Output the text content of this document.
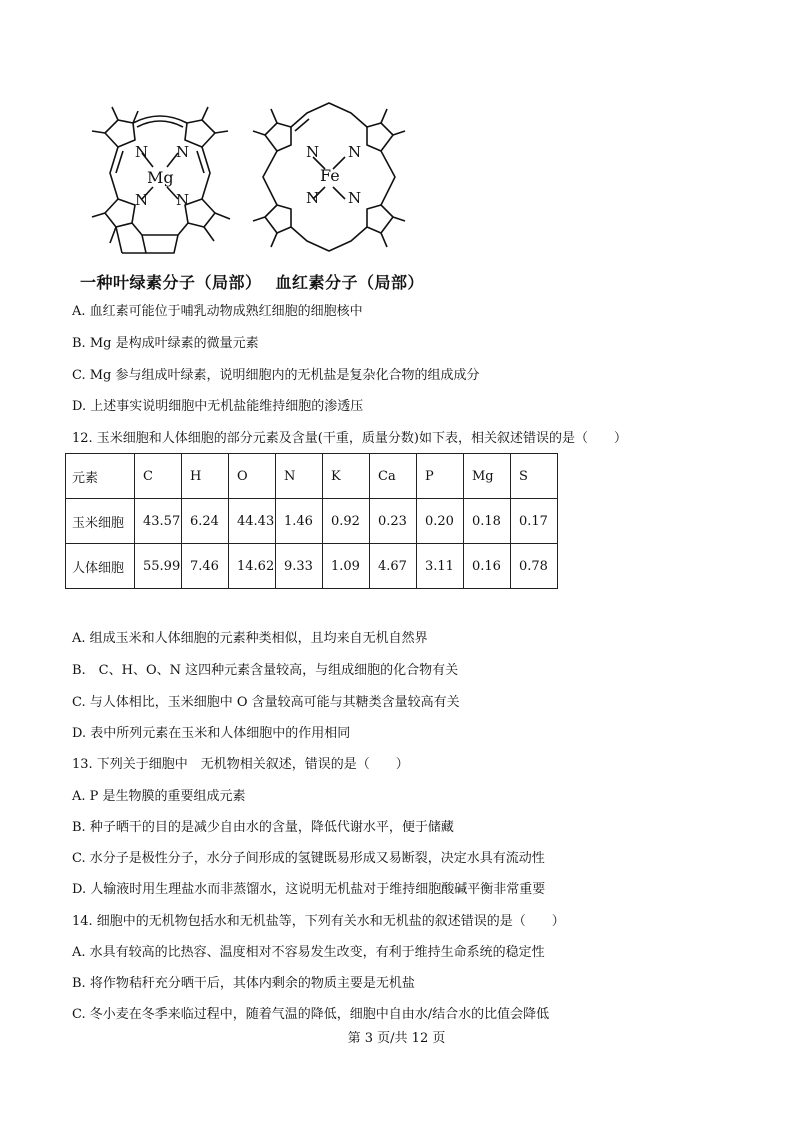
N N
N N
Mg
N N
N N
Fe
一种叶绿素分子（局部） 血红素分子（局部）
A. 血红素可能位于哺乳动物成熟红细胞的细胞核中
B. Mg 是构成叶绿素的微量元素
C. Mg 参与组成叶绿素，说明细胞内的无机盐是复杂化合物的组成成分
D. 上述事实说明细胞中无机盐能维持细胞的渗透压
12. 玉米细胞和人体细胞的部分元素及含量(干重，质量分数)如下表，相关叙述错误的是（　　）
元素	C	H	O	N	K	Ca	P	Mg	S
玉米细胞	43.57	6.24	44.43	1.46	0.92	0.23	0.20	0.18	0.17
人体细胞	55.99	7.46	14.62	9.33	1.09	4.67	3.11	0.16	0.78
A. 组成玉米和人体细胞的元素种类相似，且均来自无机自然界
B.　C、H、O、N 这四种元素含量较高，与组成细胞的化合物有关
C. 与人体相比，玉米细胞中 O 含量较高可能与其糖类含量较高有关
D. 表中所列元素在玉米和人体细胞中的作用相同
13. 下列关于细胞中　无机物相关叙述，错误的是（　　）
A. P 是生物膜的重要组成元素
B. 种子晒干的目的是减少自由水的含量，降低代谢水平，便于储藏
C. 水分子是极性分子，水分子间形成的氢键既易形成又易断裂，决定水具有流动性
D. 人输液时用生理盐水而非蒸馏水，这说明无机盐对于维持细胞酸碱平衡非常重要
14. 细胞中的无机物包括水和无机盐等，下列有关水和无机盐的叙述错误的是（　　）
A. 水具有较高的比热容、温度相对不容易发生改变，有利于维持生命系统的稳定性
B. 将作物秸秆充分晒干后，其体内剩余的物质主要是无机盐
C. 冬小麦在冬季来临过程中，随着气温的降低，细胞中自由水/结合水的比值会降低
第 3 页/共 12 页
